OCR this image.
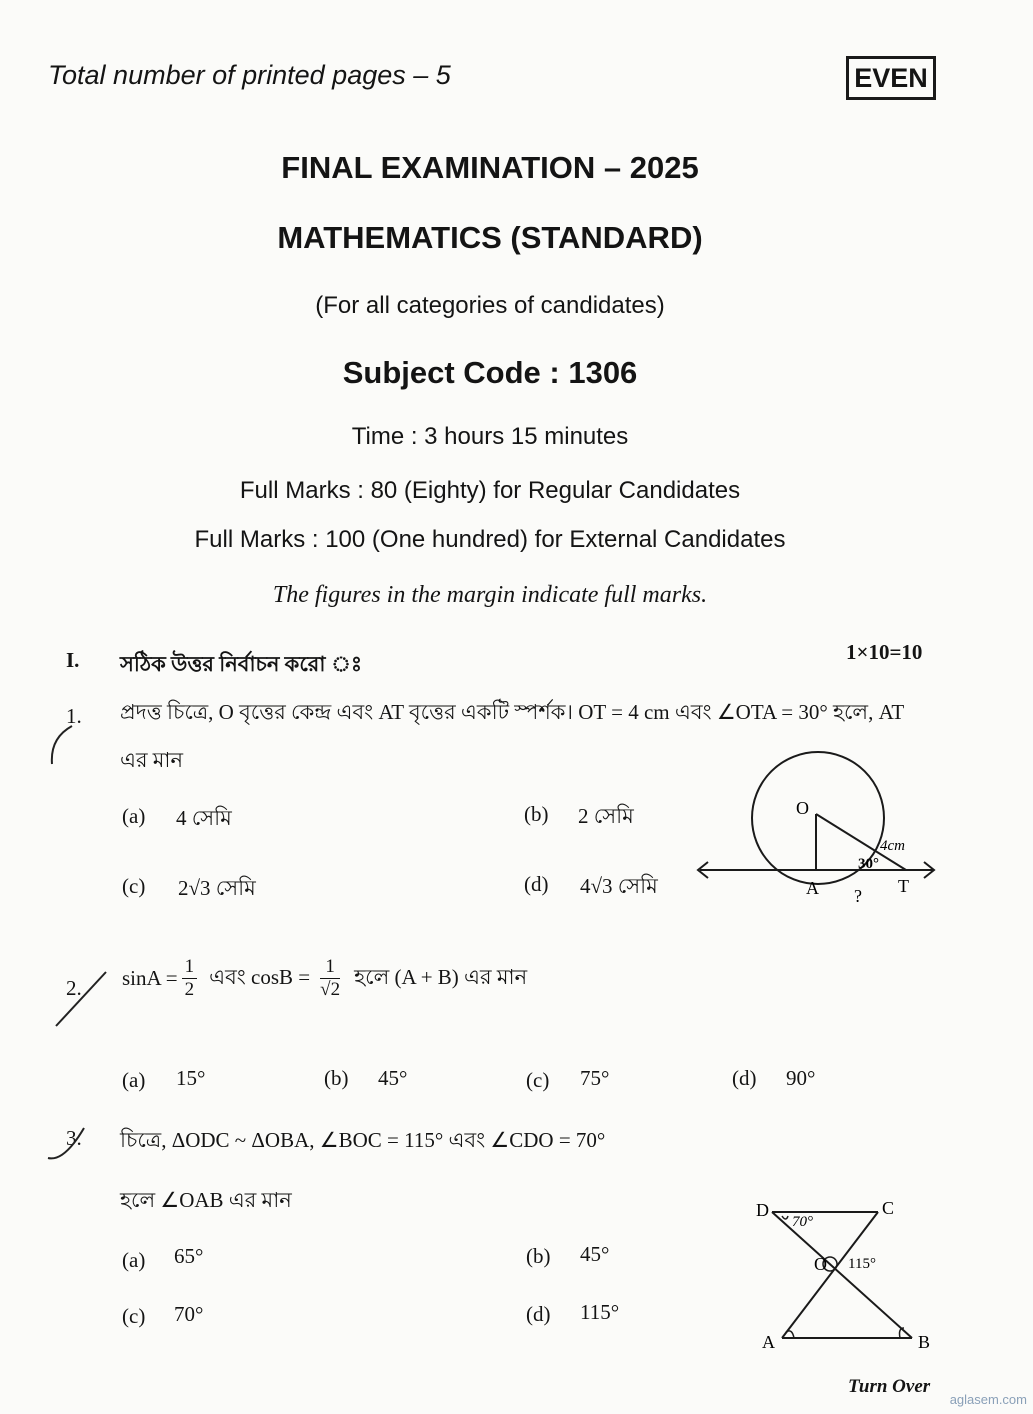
Total number of printed pages – 5	EVEN
FINAL EXAMINATION – 2025
MATHEMATICS (STANDARD)
(For all categories of candidates)
Subject Code : 1306
Time : 3 hours 15 minutes
Full Marks : 80 (Eighty) for Regular Candidates
Full Marks : 100 (One hundred) for External Candidates
The figures in the margin indicate full marks.
I. সঠিক উত্তর নির্বাচন করো ঃ	1×10=10
1. প্রদত্ত চিত্রে, O বৃত্তের কেন্দ্র এবং AT বৃত্তের একটি স্পর্শক। OT = 4 cm এবং ∠OTA = 30° হলে, AT
এর মান
(a) 4 সেমি	(b) 2 সেমি
(c) 2√3 সেমি	(d) 4√3 সেমি
O
A	T
30°
4cm
?
2. $\sin A = \frac{1}{2}$ এবং $\cos B = \frac{1}{√2}$ হলে (A + B) এর মান
(a) 15°	(b) 45°	(c) 75°	(d) 90°
3. চিত্রে, ΔODC ~ ΔOBA, ∠BOC = 115° এবং ∠CDO = 70°
হলে ∠OAB এর মান
(a) 65°	(b) 45°
(c) 70°	(d) 115°
D	C
O
A	B
70°
115°
Turn Over
aglasem.com
